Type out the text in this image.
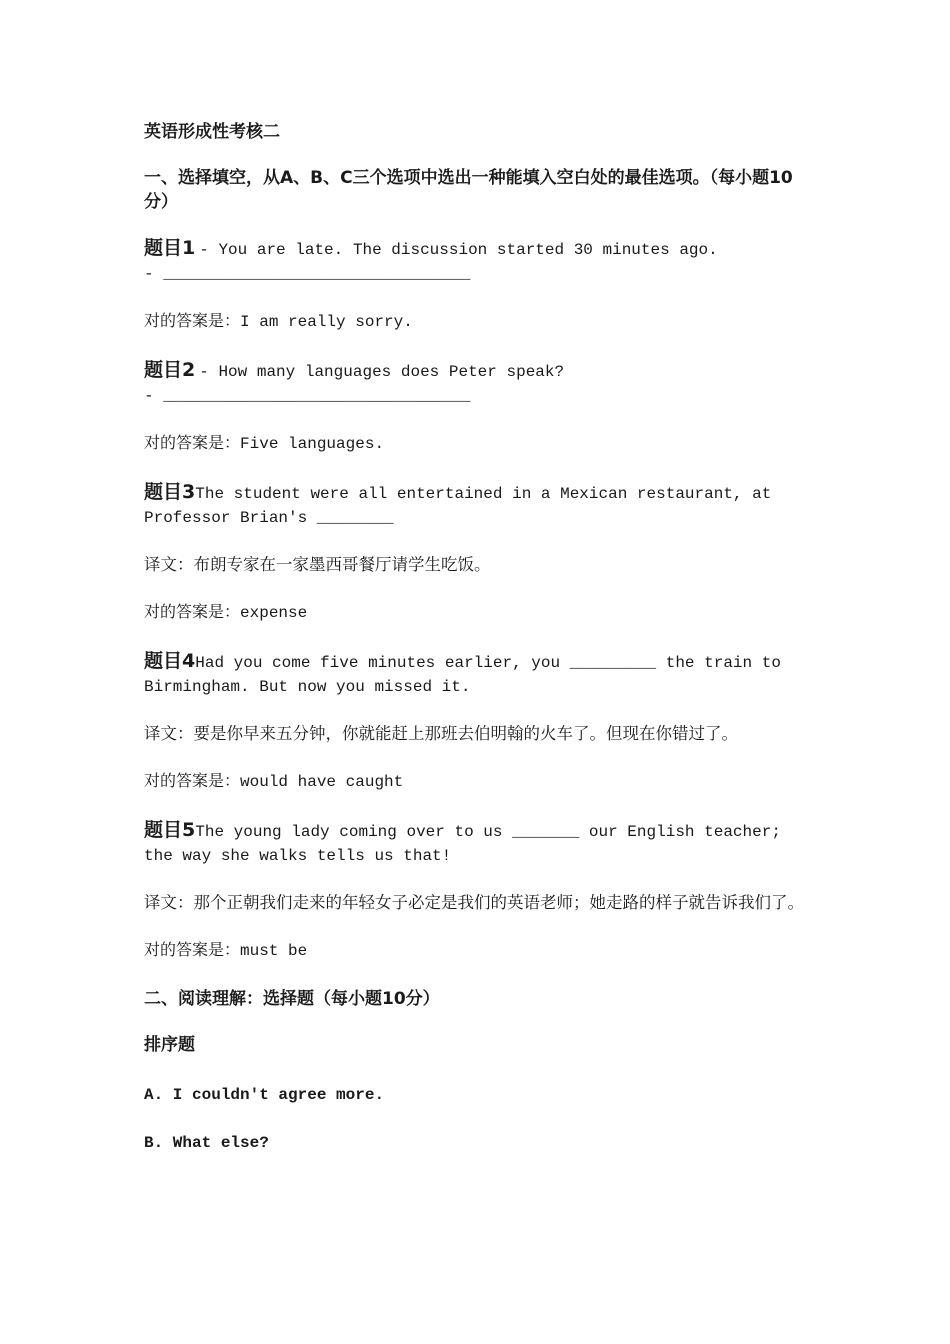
英语形成性考核二
一、选择填空，从A、B、C三个选项中选出一种能填入空白处的最佳选项。（每小题10分）

题目1 - You are late. The discussion started 30 minutes ago.

- ________________________________

对的答案是：I am really sorry.

题目2 - How many languages does Peter speak?

- ________________________________

对的答案是：Five languages.

题目3The student were all entertained in a Mexican restaurant, at Professor Brian's ________

译文：布朗专家在一家墨西哥餐厅请学生吃饭。

对的答案是：expense

题目4Had you come five minutes earlier, you _________ the train to Birmingham. But now you missed it.

译文：要是你早来五分钟，你就能赶上那班去伯明翰的火车了。但现在你错过了。

对的答案是：would have caught

题目5The young lady coming over to us _______ our English teacher; the way she walks tells us that!

译文：那个正朝我们走来的年轻女子必定是我们的英语老师；她走路的样子就告诉我们了。

对的答案是：must be

二、阅读理解：选择题（每小题10分）
排序题

A. I couldn't agree more.

B. What else?
